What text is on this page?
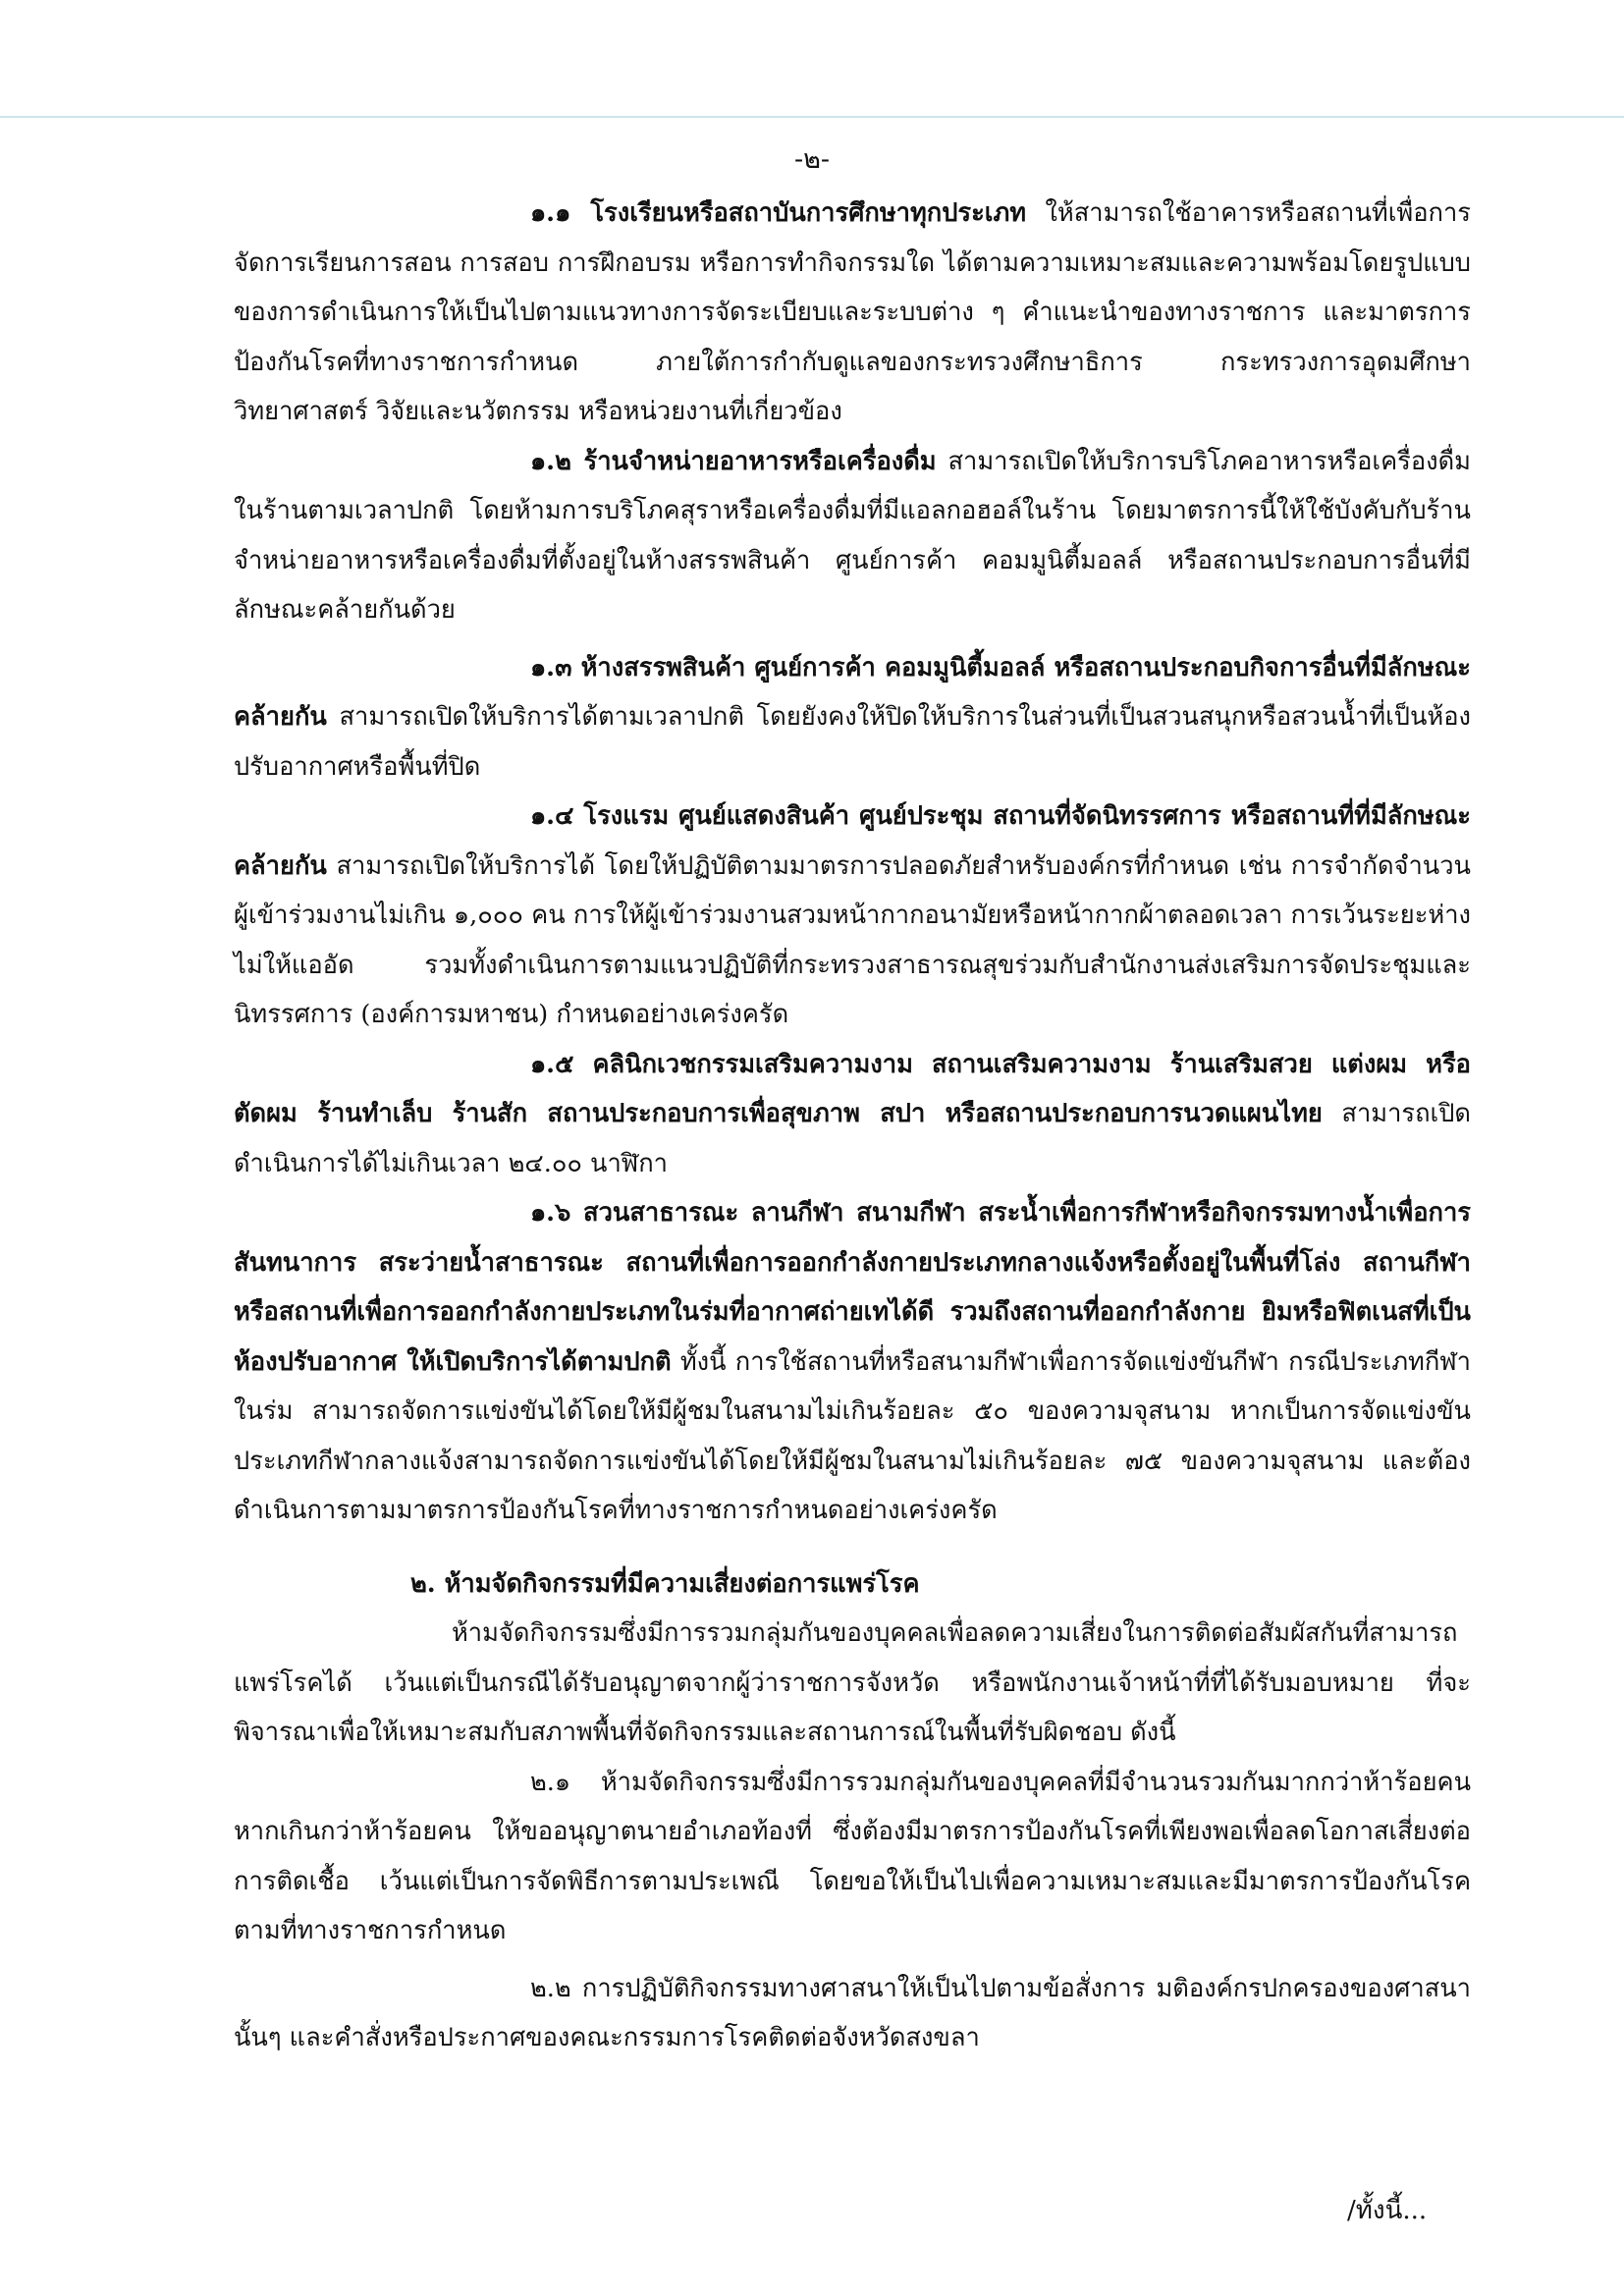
-๒-

๑.๑ โรงเรียนหรือสถาบันการศึกษาทุกประเภท ให้สามารถใช้อาคารหรือสถานที่เพื่อการจัดการเรียนการสอน การสอบ การฝึกอบรม หรือการทำกิจกรรมใด ได้ตามความเหมาะสมและความพร้อมโดยรูปแบบของการดำเนินการให้เป็นไปตามแนวทางการจัดระเบียบและระบบต่าง ๆ คำแนะนำของทางราชการ และมาตรการป้องกันโรคที่ทางราชการกำหนด ภายใต้การกำกับดูแลของกระทรวงศึกษาธิการ กระทรวงการอุดมศึกษา วิทยาศาสตร์ วิจัยและนวัตกรรม หรือหน่วยงานที่เกี่ยวข้อง

๑.๒ ร้านจำหน่ายอาหารหรือเครื่องดื่ม สามารถเปิดให้บริการบริโภคอาหารหรือเครื่องดื่มในร้านตามเวลาปกติ โดยห้ามการบริโภคสุราหรือเครื่องดื่มที่มีแอลกอฮอล์ในร้าน โดยมาตรการนี้ให้ใช้บังคับกับร้านจำหน่ายอาหารหรือเครื่องดื่มที่ตั้งอยู่ในห้างสรรพสินค้า ศูนย์การค้า คอมมูนิตี้มอลล์ หรือสถานประกอบการอื่นที่มีลักษณะคล้ายกันด้วย

๑.๓ ห้างสรรพสินค้า ศูนย์การค้า คอมมูนิตี้มอลล์ หรือสถานประกอบกิจการอื่นที่มีลักษณะคล้ายกัน สามารถเปิดให้บริการได้ตามเวลาปกติ โดยยังคงให้ปิดให้บริการในส่วนที่เป็นสวนสนุกหรือสวนน้ำที่เป็นห้องปรับอากาศหรือพื้นที่ปิด

๑.๔ โรงแรม ศูนย์แสดงสินค้า ศูนย์ประชุม สถานที่จัดนิทรรศการ หรือสถานที่ที่มีลักษณะคล้ายกัน สามารถเปิดให้บริการได้ โดยให้ปฏิบัติตามมาตรการปลอดภัยสำหรับองค์กรที่กำหนด เช่น การจำกัดจำนวนผู้เข้าร่วมงานไม่เกิน ๑,๐๐๐ คน การให้ผู้เข้าร่วมงานสวมหน้ากากอนามัยหรือหน้ากากผ้าตลอดเวลา การเว้นระยะห่างไม่ให้แออัด รวมทั้งดำเนินการตามแนวปฏิบัติที่กระทรวงสาธารณสุขร่วมกับสำนักงานส่งเสริมการจัดประชุมและนิทรรศการ (องค์การมหาชน) กำหนดอย่างเคร่งครัด

๑.๕ คลินิกเวชกรรมเสริมความงาม สถานเสริมความงาม ร้านเสริมสวย แต่งผม หรือตัดผม ร้านทำเล็บ ร้านสัก สถานประกอบการเพื่อสุขภาพ สปา หรือสถานประกอบการนวดแผนไทย สามารถเปิดดำเนินการได้ไม่เกินเวลา ๒๔.๐๐ นาฬิกา

๑.๖ สวนสาธารณะ ลานกีฬา สนามกีฬา สระน้ำเพื่อการกีฬาหรือกิจกรรมทางน้ำเพื่อการสันทนาการ สระว่ายน้ำสาธารณะ สถานที่เพื่อการออกกำลังกายประเภทกลางแจ้งหรือตั้งอยู่ในพื้นที่โล่ง สถานกีฬาหรือสถานที่เพื่อการออกกำลังกายประเภทในร่มที่อากาศถ่ายเทได้ดี รวมถึงสถานที่ออกกำลังกาย ยิมหรือฟิตเนสที่เป็นห้องปรับอากาศ ให้เปิดบริการได้ตามปกติ ทั้งนี้ การใช้สถานที่หรือสนามกีฬาเพื่อการจัดแข่งขันกีฬา กรณีประเภทกีฬาในร่ม สามารถจัดการแข่งขันได้โดยให้มีผู้ชมในสนามไม่เกินร้อยละ ๕๐ ของความจุสนาม หากเป็นการจัดแข่งขันประเภทกีฬากลางแจ้งสามารถจัดการแข่งขันได้โดยให้มีผู้ชมในสนามไม่เกินร้อยละ ๗๕ ของความจุสนาม และต้องดำเนินการตามมาตรการป้องกันโรคที่ทางราชการกำหนดอย่างเคร่งครัด

๒. ห้ามจัดกิจกรรมที่มีความเสี่ยงต่อการแพร่โรค

ห้ามจัดกิจกรรมซึ่งมีการรวมกลุ่มกันของบุคคลเพื่อลดความเสี่ยงในการติดต่อสัมผัสกันที่สามารถแพร่โรคได้ เว้นแต่เป็นกรณีได้รับอนุญาตจากผู้ว่าราชการจังหวัด หรือพนักงานเจ้าหน้าที่ที่ได้รับมอบหมาย ที่จะพิจารณาเพื่อให้เหมาะสมกับสภาพพื้นที่จัดกิจกรรมและสถานการณ์ในพื้นที่รับผิดชอบ ดังนี้

๒.๑ ห้ามจัดกิจกรรมซึ่งมีการรวมกลุ่มกันของบุคคลที่มีจำนวนรวมกันมากกว่าห้าร้อยคน หากเกินกว่าห้าร้อยคน ให้ขออนุญาตนายอำเภอท้องที่ ซึ่งต้องมีมาตรการป้องกันโรคที่เพียงพอเพื่อลดโอกาสเสี่ยงต่อการติดเชื้อ เว้นแต่เป็นการจัดพิธีการตามประเพณี โดยขอให้เป็นไปเพื่อความเหมาะสมและมีมาตรการป้องกันโรคตามที่ทางราชการกำหนด

๒.๒ การปฏิบัติกิจกรรมทางศาสนาให้เป็นไปตามข้อสั่งการ มติองค์กรปกครองของศาสนานั้นๆ และคำสั่งหรือประกาศของคณะกรรมการโรคติดต่อจังหวัดสงขลา

/ทั้งนี้...
